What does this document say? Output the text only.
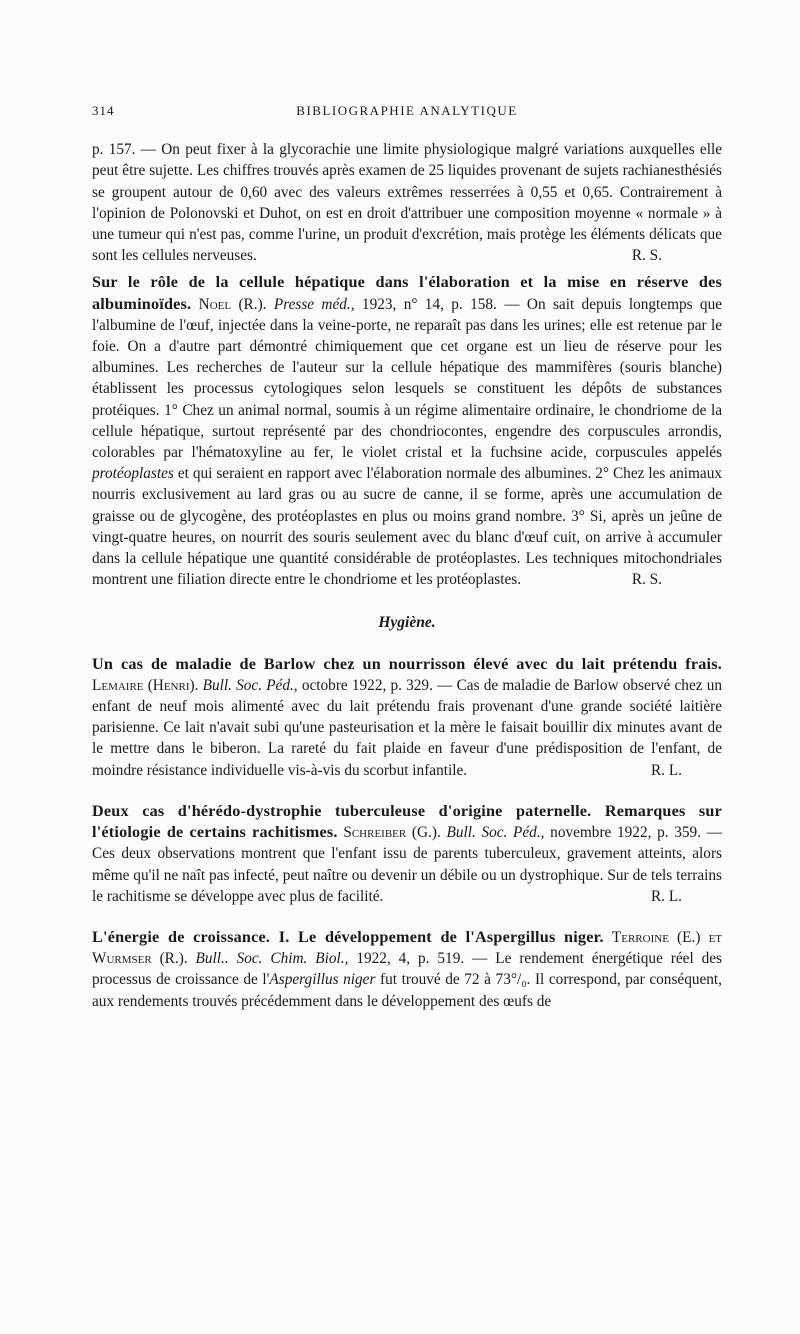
314	BIBLIOGRAPHIE ANALYTIQUE

p. 157. — On peut fixer à la glycorachie une limite physiologique malgré variations auxquelles elle peut être sujette. Les chiffres trouvés après examen de 25 liquides provenant de sujets rachianesthésiés se groupent autour de 0,60 avec des valeurs extrêmes resserrées à 0,55 et 0,65. Contrairement à l'opinion de Polonovski et Duhot, on est en droit d'attribuer une composition moyenne « normale » à une tumeur qui n'est pas, comme l'urine, un produit d'excrétion, mais protège les éléments délicats que sont les cellules nerveuses.	R. S.

Sur le rôle de la cellule hépatique dans l'élaboration et la mise en réserve des albuminoïdes. Noel (R.). Presse méd., 1923, n° 14, p. 158. — On sait depuis longtemps que l'albumine de l'œuf, injectée dans la veine-porte, ne reparaît pas dans les urines; elle est retenue par le foie. On a d'autre part démontré chimiquement que cet organe est un lieu de réserve pour les albumines. Les recherches de l'auteur sur la cellule hépatique des mammifères (souris blanche) établissent les processus cytologiques selon lesquels se constituent les dépôts de substances protéiques. 1° Chez un animal normal, soumis à un régime alimentaire ordinaire, le chondriome de la cellule hépatique, surtout représenté par des chondriocontes, engendre des corpuscules arrondis, colorables par l'hématoxyline au fer, le violet cristal et la fuchsine acide, corpuscules appelés protéoplastes et qui seraient en rapport avec l'élaboration normale des albumines. 2° Chez les animaux nourris exclusivement au lard gras ou au sucre de canne, il se forme, après une accumulation de graisse ou de glycogène, des protéoplastes en plus ou moins grand nombre. 3° Si, après un jeûne de vingt-quatre heures, on nourrit des souris seulement avec du blanc d'œuf cuit, on arrive à accumuler dans la cellule hépatique une quantité considérable de protéoplastes. Les techniques mitochondriales montrent une filiation directe entre le chondriome et les protéoplastes.	R. S.

Hygiène.

Un cas de maladie de Barlow chez un nourrisson élevé avec du lait prétendu frais. Lemaire (Henri). Bull. Soc. Péd., octobre 1922, p. 329. — Cas de maladie de Barlow observé chez un enfant de neuf mois alimenté avec du lait prétendu frais provenant d'une grande société laitière parisienne. Ce lait n'avait subi qu'une pasteurisation et la mère le faisait bouillir dix minutes avant de le mettre dans le biberon. La rareté du fait plaide en faveur d'une prédisposition de l'enfant, de moindre résistance individuelle vis-à-vis du scorbut infantile.	R. L.

Deux cas d'hérédo-dystrophie tuberculeuse d'origine paternelle. Remarques sur l'étiologie de certains rachitismes. Schreiber (G.). Bull. Soc. Péd., novembre 1922, p. 359. — Ces deux observations montrent que l'enfant issu de parents tuberculeux, gravement atteints, alors même qu'il ne naît pas infecté, peut naître ou devenir un débile ou un dystrophique. Sur de tels terrains le rachitisme se développe avec plus de facilité.	R. L.

L'énergie de croissance. I. Le développement de l'Aspergillus niger. Terroine (E.) et Wurmser (R.). Bull.. Soc. Chim. Biol., 1922, 4, p. 519. — Le rendement énergétique réel des processus de croissance de l'Aspergillus niger fut trouvé de 72 à 73°/₀. Il correspond, par conséquent, aux rendements trouvés précédemment dans le développement des œufs de
